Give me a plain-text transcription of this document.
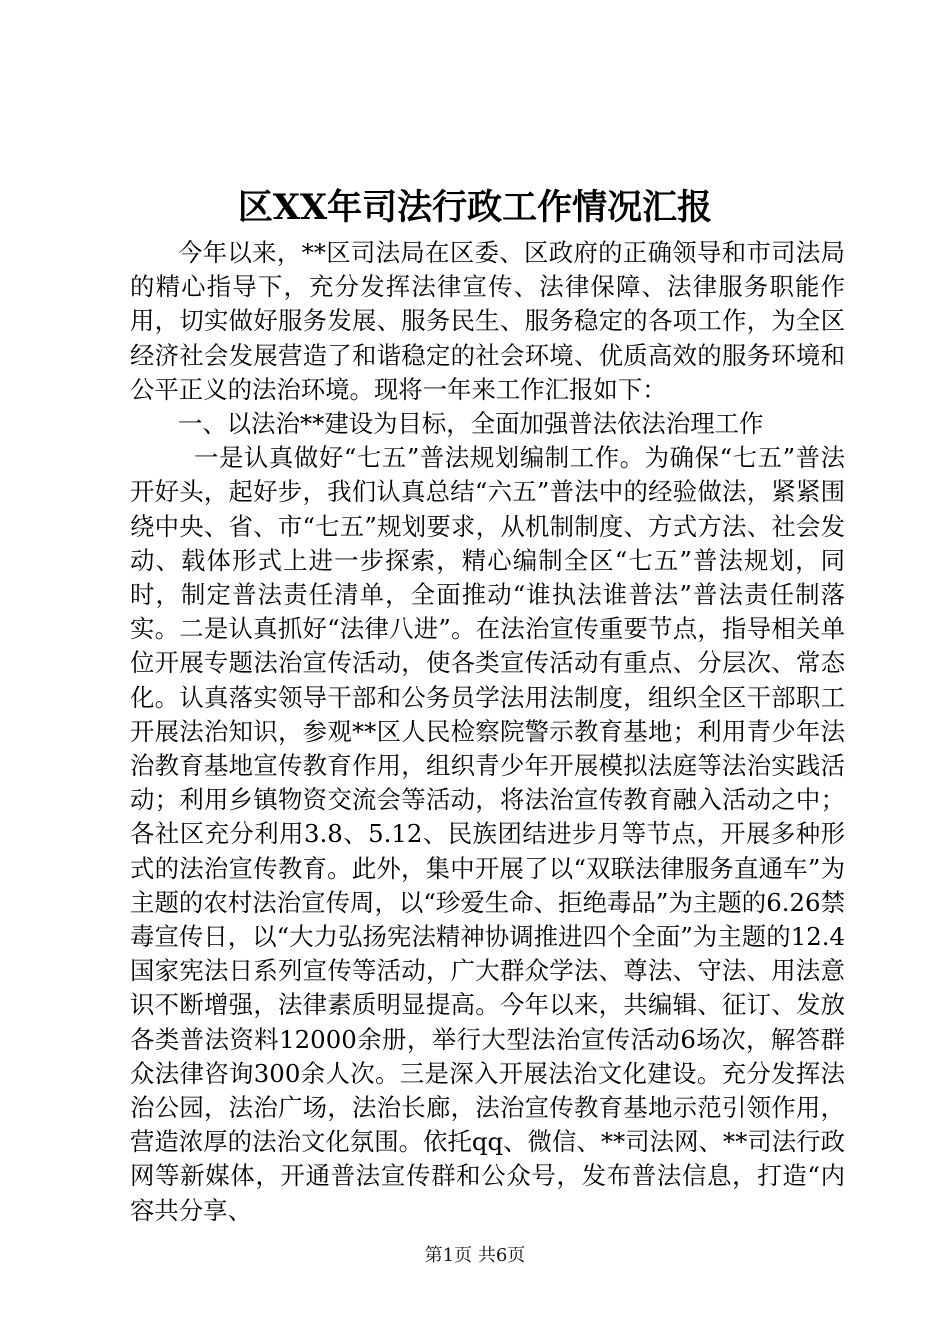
区XX年司法行政工作情况汇报

今年以来，**区司法局在区委、区政府的正确领导和市司法局的精心指导下，充分发挥法律宣传、法律保障、法律服务职能作用，切实做好服务发展、服务民生、服务稳定的各项工作，为全区经济社会发展营造了和谐稳定的社会环境、优质高效的服务环境和公平正义的法治环境。现将一年来工作汇报如下：

一、以法治**建设为目标，全面加强普法依法治理工作

一是认真做好“七五”普法规划编制工作。为确保“七五”普法开好头，起好步，我们认真总结“六五”普法中的经验做法，紧紧围绕中央、省、市“七五”规划要求，从机制制度、方式方法、社会发动、载体形式上进一步探索，精心编制全区“七五”普法规划，同时，制定普法责任清单，全面推动“谁执法谁普法”普法责任制落实。二是认真抓好“法律八进”。在法治宣传重要节点，指导相关单位开展专题法治宣传活动，使各类宣传活动有重点、分层次、常态化。认真落实领导干部和公务员学法用法制度，组织全区干部职工开展法治知识，参观**区人民检察院警示教育基地；利用青少年法治教育基地宣传教育作用，组织青少年开展模拟法庭等法治实践活动；利用乡镇物资交流会等活动，将法治宣传教育融入活动之中；各社区充分利用3.8、5.12、民族团结进步月等节点，开展多种形式的法治宣传教育。此外，集中开展了以“双联法律服务直通车”为主题的农村法治宣传周，以“珍爱生命、拒绝毒品”为主题的6.26禁毒宣传日，以“大力弘扬宪法精神协调推进四个全面”为主题的12.4国家宪法日系列宣传等活动，广大群众学法、尊法、守法、用法意识不断增强，法律素质明显提高。今年以来，共编辑、征订、发放各类普法资料12000余册，举行大型法治宣传活动6场次，解答群众法律咨询300余人次。三是深入开展法治文化建设。充分发挥法治公园，法治广场，法治长廊，法治宣传教育基地示范引领作用，营造浓厚的法治文化氛围。依托qq、微信、**司法网、**司法行政网等新媒体，开通普法宣传群和公众号，发布普法信息，打造“内容共分享、

第1页 共6页
